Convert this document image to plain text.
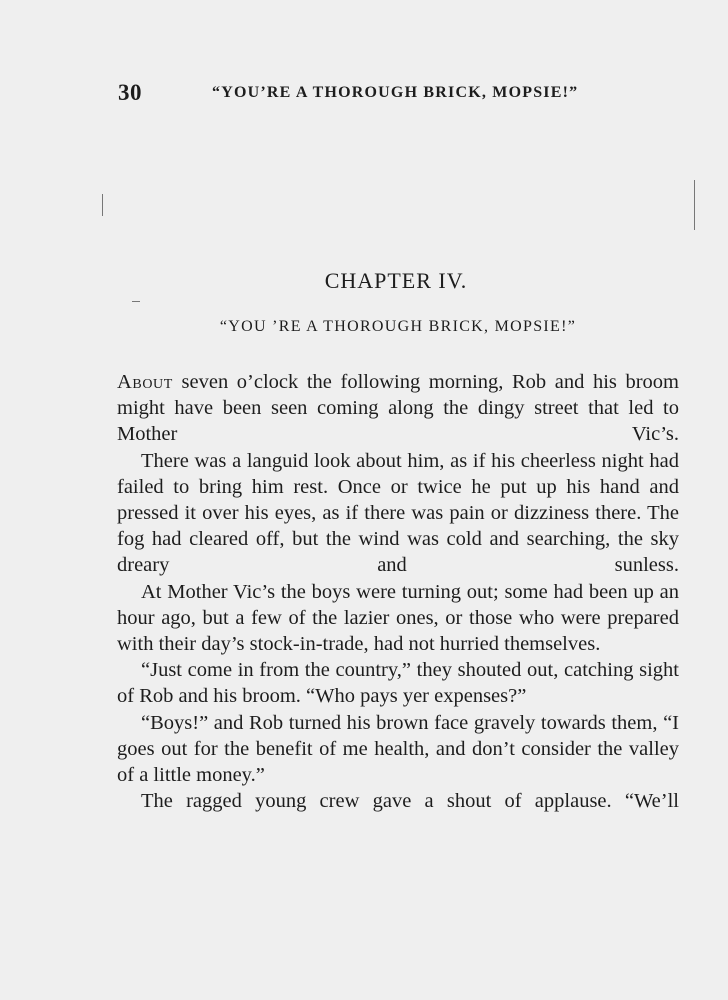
30	“YOU’RE A THOROUGH BRICK, MOPSIE!”
CHAPTER IV.
“YOU ’RE A THOROUGH BRICK, MOPSIE!”

About seven o’clock the following morning, Rob and his broom might have been seen coming along the dingy street that led to Mother Vic’s.

There was a languid look about him, as if his cheerless night had failed to bring him rest. Once or twice he put up his hand and pressed it over his eyes, as if there was pain or dizziness there. The fog had cleared off, but the wind was cold and searching, the sky dreary and sunless.

At Mother Vic’s the boys were turning out; some had been up an hour ago, but a few of the lazier ones, or those who were prepared with their day’s stock-in-trade, had not hurried themselves.

“Just come in from the country,” they shouted out, catching sight of Rob and his broom. “Who pays yer expenses?”

“Boys!” and Rob turned his brown face gravely towards them, “I goes out for the benefit of me health, and don’t consider the valley of a little money.”

The ragged young crew gave a shout of applause. “We’ll
